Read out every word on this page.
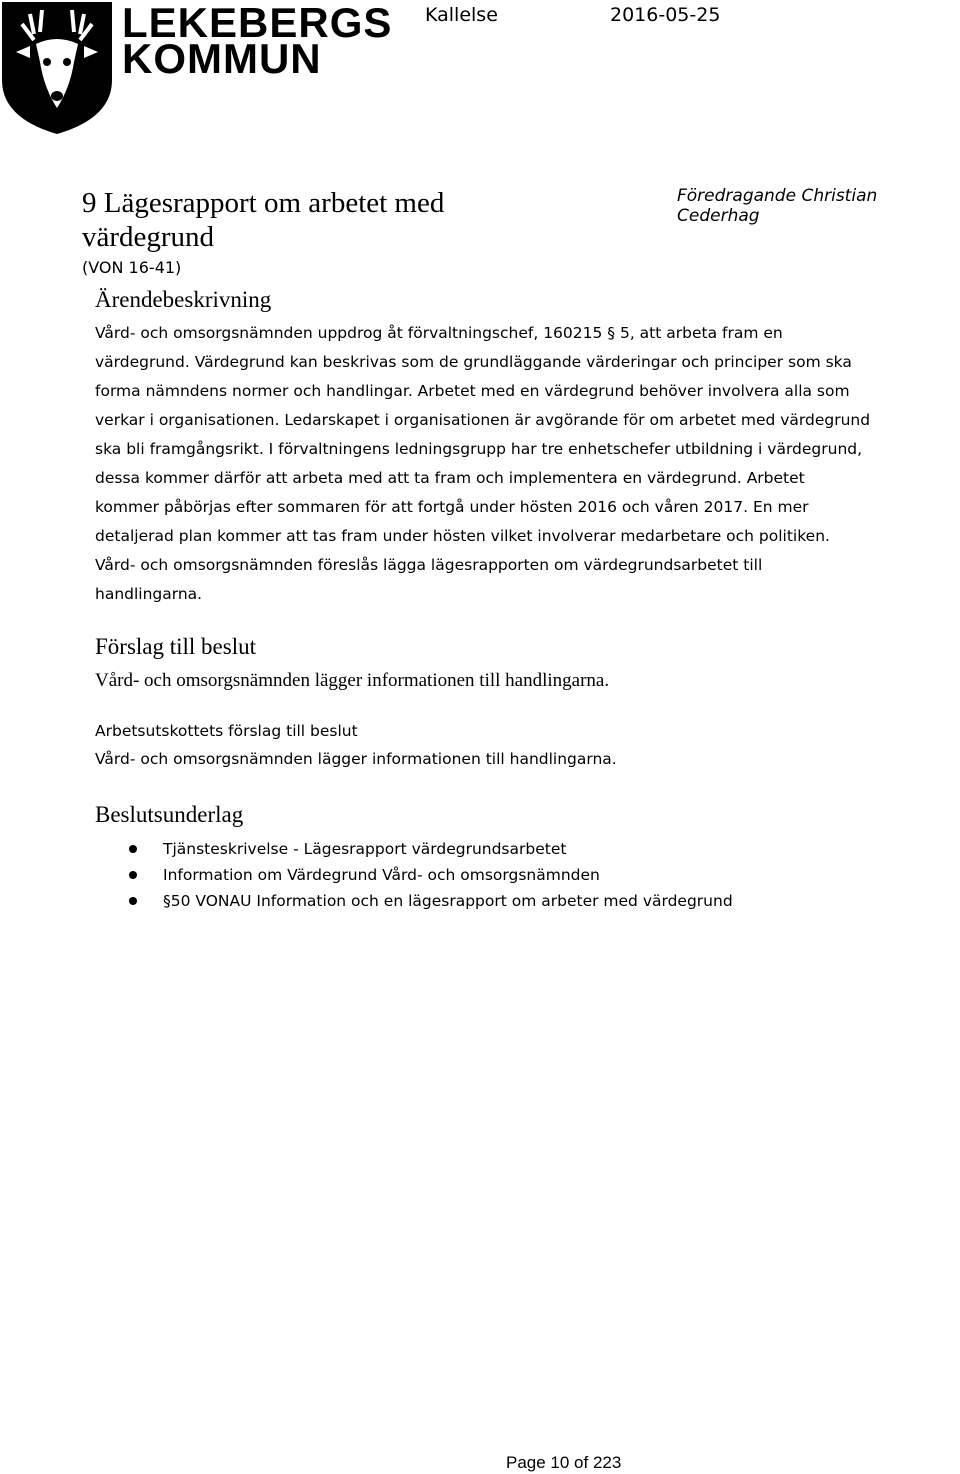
LEKEBERGS
KOMMUN
Kallelse	2016-05-25
9 Lägesrapport om arbetet med värdegrund
Föredragande Christian Cederhag
(VON 16-41)
Ärendebeskrivning
Vård- och omsorgsnämnden uppdrog åt förvaltningschef, 160215 § 5, att arbeta fram en
värdegrund. Värdegrund kan beskrivas som de grundläggande värderingar och principer som ska
forma nämndens normer och handlingar. Arbetet med en värdegrund behöver involvera alla som
verkar i organisationen. Ledarskapet i organisationen är avgörande för om arbetet med värdegrund
ska bli framgångsrikt. I förvaltningens ledningsgrupp har tre enhetschefer utbildning i värdegrund,
dessa kommer därför att arbeta med att ta fram och implementera en värdegrund. Arbetet
kommer påbörjas efter sommaren för att fortgå under hösten 2016 och våren 2017. En mer
detaljerad plan kommer att tas fram under hösten vilket involverar medarbetare och politiken.
Vård- och omsorgsnämnden föreslås lägga lägesrapporten om värdegrundsarbetet till
handlingarna.
Förslag till beslut
Vård- och omsorgsnämnden lägger informationen till handlingarna.
Arbetsutskottets förslag till beslut
Vård- och omsorgsnämnden lägger informationen till handlingarna.
Beslutsunderlag
Tjänsteskrivelse - Lägesrapport värdegrundsarbetet
Information om Värdegrund Vård- och omsorgsnämnden
§50 VONAU Information och en lägesrapport om arbeter med värdegrund
Page 10 of 223
